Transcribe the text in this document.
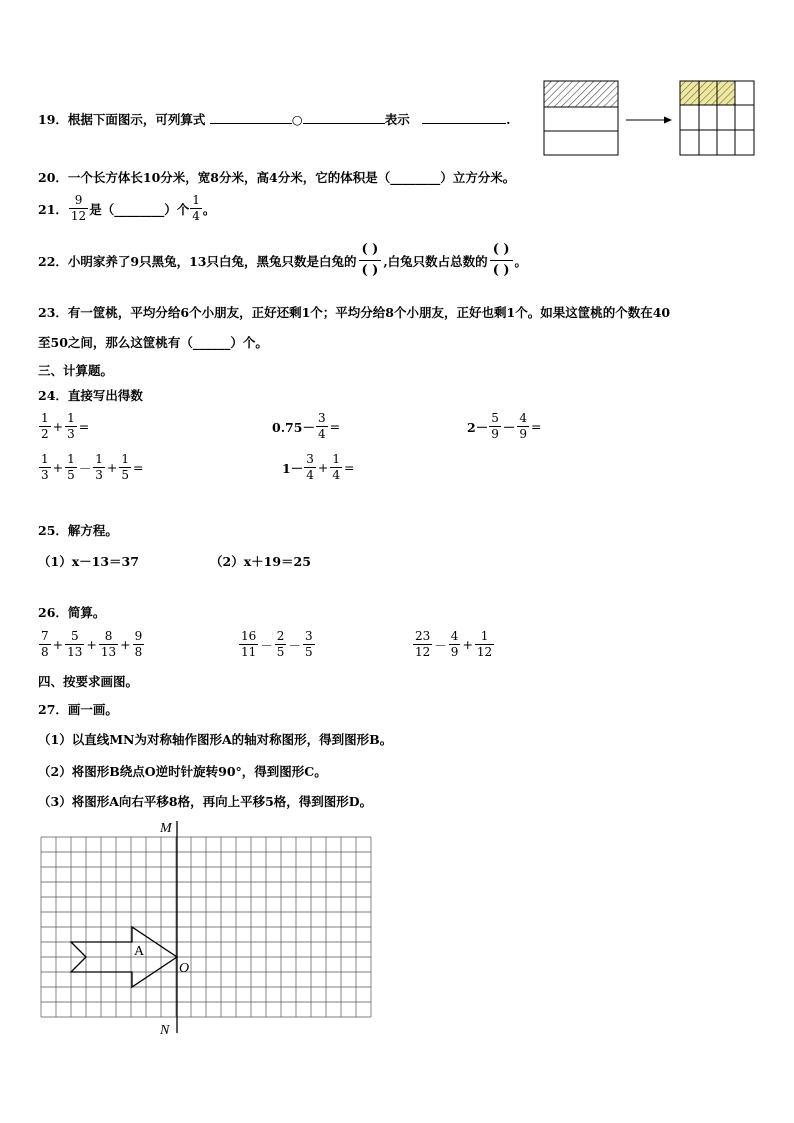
19．根据下面图示，可列算式	○	表示	.
20．一个长方体长10分米，宽8分米，高4分米，它的体积是（________）立方分米。
21． $\frac{9}{12}$ 是（________）个 $\frac{1}{4}$ 。
22． 小明家养了9只黑兔，13只白兔，黑兔只数是白兔的 $\frac{( )}{( )}$ ,白兔只数占总数的 $\frac{( )}{( )}$ 。
23．有一筐桃，平均分给6个小朋友，正好还剩1个；平均分给8个小朋友，正好也剩1个。如果这筐桃的个数在40
至50之间，那么这筐桃有（______）个。
三、计算题。
24．直接写出得数
$\frac{1}{2} + \frac{1}{3}$ =	$0.75- \frac{3}{4}$ =	$2- \frac{5}{9} - \frac{4}{9}$ =
$\frac{1}{3} + \frac{1}{5} - \frac{1}{3} + \frac{1}{5}$ =	$1- \frac{3}{4} + \frac{1}{4}$ =
25．解方程。
（1）x－13＝37	（2）x＋19＝25
26．简算。
$\frac{7}{8} + \frac{5}{13} + \frac{8}{13} + \frac{9}{8}$	$\frac{16}{11} - \frac{2}{5} - \frac{3}{5}$	$\frac{23}{12} - \frac{4}{9} + \frac{1}{12}$
四、按要求画图。
27．画一画。
（1）以直线MN为对称轴作图形A的轴对称图形，得到图形B。
（2）将图形B绕点O逆时针旋转90°，得到图形C。
（3）将图形A向右平移8格，再向上平移5格，得到图形D。
M
N
O
A
